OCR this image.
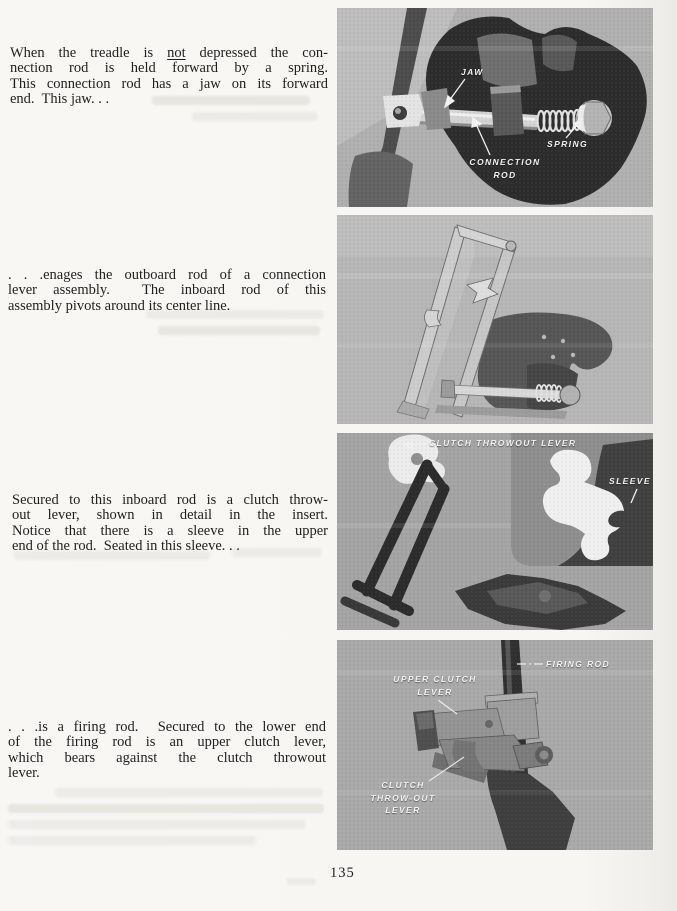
When the treadle is not depressed the con-
nection rod is held forward by a spring.
This connection rod has a jaw on its forward
end.  This jaw. . .
. . .enages the outboard rod of a connection
lever assembly.  The inboard rod of this
assembly pivots around its center line.
Secured to this inboard rod is a clutch throw-
out lever, shown in detail in the insert.
Notice that there is a sleeve in the upper
end of the rod.  Seated in this sleeve. . .
. . .is a firing rod.  Secured to the lower end
of the firing rod is an upper clutch lever,
which bears against the clutch throwout
lever.
JAW
SPRING
CONNECTION
ROD
CLUTCH THROWOUT LEVER
SLEEVE
FIRING ROD
UPPER CLUTCH
LEVER
CLUTCH
THROW-OUT
LEVER
135
